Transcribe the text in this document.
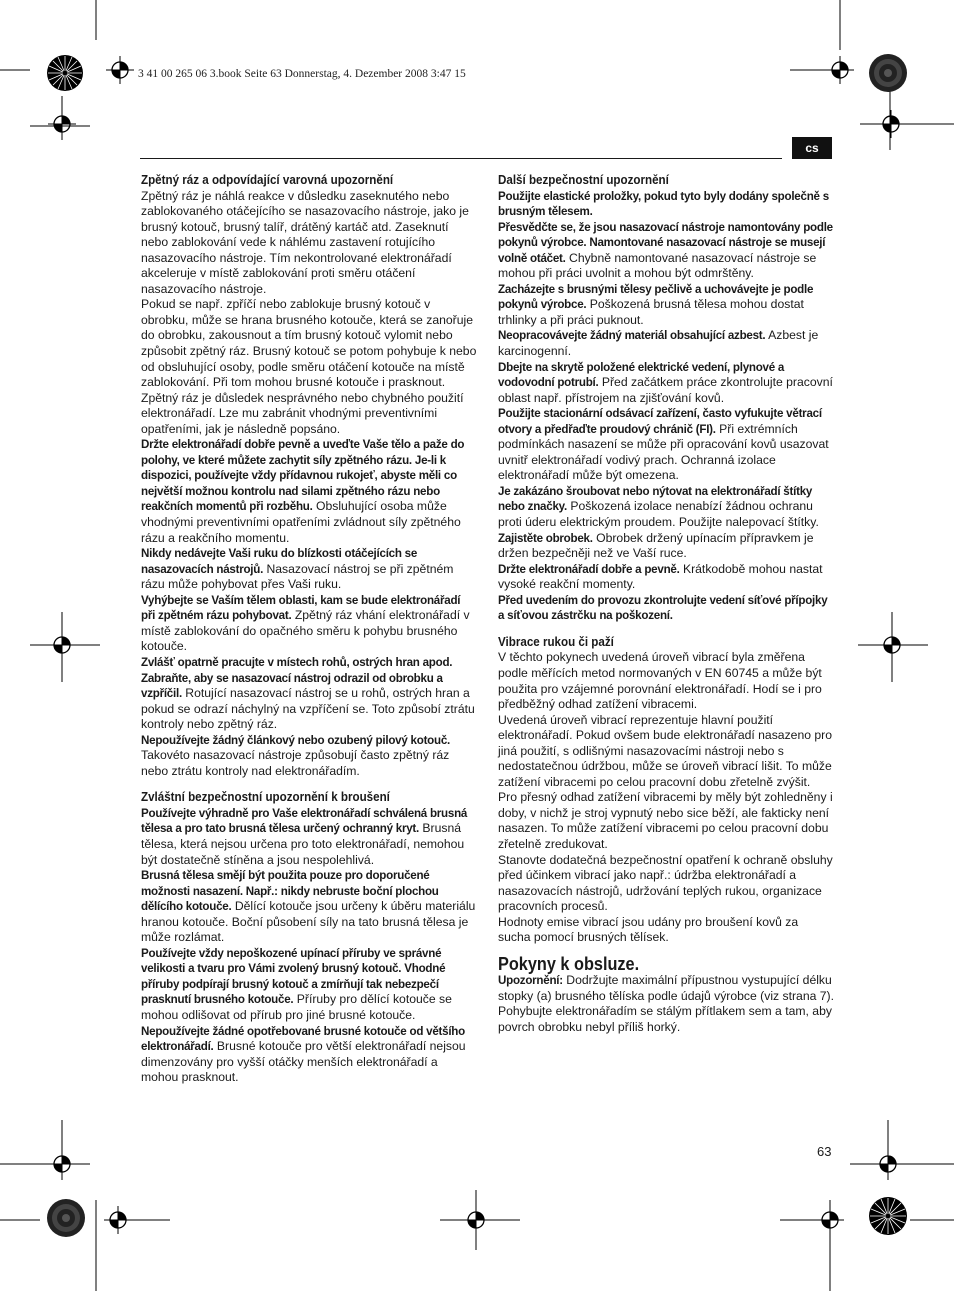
3 41 00 265 06 3.book Seite 63 Donnerstag, 4. Dezember 2008 3:47 15
cs
Zpětný ráz a odpovídající varovná upozornění

Zpětný ráz je náhlá reakce v důsledku zaseknutého nebo zablokovaného otáčejícího se nasazovacího nástroje, jako je brusný kotouč, brusný talíř, drátěný kartáč atd. Zaseknutí nebo zablokování vede k náhlému zastavení rotujícího nasazovacího nástroje. Tím nekontrolované elektronářadí akceleruje v místě zablokování proti směru otáčení nasazovacího nástroje.

Pokud se např. zpříčí nebo zablokuje brusný kotouč v obrobku, může se hrana brusného kotouče, která se zanořuje do obrobku, zakousnout a tím brusný kotouč vylomit nebo způsobit zpětný ráz. Brusný kotouč se potom pohybuje k nebo od obsluhující osoby, podle směru otáčení kotouče na místě zablokování. Při tom mohou brusné kotouče i prasknout.

Zpětný ráz je důsledek nesprávného nebo chybného použití elektronářadí. Lze mu zabránit vhodnými preventivními opatřeními, jak je následně popsáno.

Držte elektronářadí dobře pevně a uveďte Vaše tělo a paže do polohy, ve které můžete zachytit síly zpětného rázu. Je-li k dispozici, používejte vždy přídavnou rukojeť, abyste měli co největší možnou kontrolu nad silami zpětného rázu nebo reakčních momentů při rozběhu. Obsluhující osoba může vhodnými preventivními opatřeními zvládnout síly zpětného rázu a reakčního momentu.

Nikdy nedávejte Vaši ruku do blízkosti otáčejících se nasazovacích nástrojů. Nasazovací nástroj se při zpětném rázu může pohybovat přes Vaši ruku.

Vyhýbejte se Vaším tělem oblasti, kam se bude elektronářadí při zpětném rázu pohybovat. Zpětný ráz vhání elektronářadí v místě zablokování do opačného směru k pohybu brusného kotouče.

Zvlášť opatrně pracujte v místech rohů, ostrých hran apod. Zabraňte, aby se nasazovací nástroj odrazil od obrobku a vzpříčil. Rotující nasazovací nástroj se u rohů, ostrých hran a pokud se odrazí náchylný na vzpříčení se. Toto způsobí ztrátu kontroly nebo zpětný ráz.

Nepoužívejte žádný článkový nebo ozubený pilový kotouč.

Takovéto nasazovací nástroje způsobují často zpětný ráz nebo ztrátu kontroly nad elektronářadím.

Zvláštní bezpečnostní upozornění k broušení

Používejte výhradně pro Vaše elektronářadí schválená brusná tělesa a pro tato brusná tělesa určený ochranný kryt. Brusná tělesa, která nejsou určena pro toto elektronářadí, nemohou být dostatečně stíněna a jsou nespolehlivá.

Brusná tělesa smějí být použita pouze pro doporučené možnosti nasazení. Např.: nikdy nebruste boční plochou dělícího kotouče. Dělící kotouče jsou určeny k úběru materiálu hranou kotouče. Boční působení síly na tato brusná tělesa je může rozlámat.

Používejte vždy nepoškozené upínací příruby ve správné velikosti a tvaru pro Vámi zvolený brusný kotouč. Vhodné příruby podpírají brusný kotouč a zmírňují tak nebezpečí prasknutí brusného kotouče. Příruby pro dělící kotouče se mohou odlišovat od přírub pro jiné brusné kotouče.

Nepoužívejte žádné opotřebované brusné kotouče od většího elektronářadí. Brusné kotouče pro větší elektronářadí nejsou dimenzovány pro vyšší otáčky menších elektronářadí a mohou prasknout.

Další bezpečnostní upozornění

Použijte elastické proložky, pokud tyto byly dodány společně s brusným tělesem.

Přesvědčte se, že jsou nasazovací nástroje namontovány podle pokynů výrobce. Namontované nasazovací nástroje se musejí volně otáčet. Chybně namontované nasazovací nástroje se mohou při práci uvolnit a mohou být odmrštěny.

Zacházejte s brusnými tělesy pečlivě a uchovávejte je podle pokynů výrobce. Poškozená brusná tělesa mohou dostat trhlinky a při práci puknout.

Neopracovávejte žádný materiál obsahující azbest. Azbest je karcinogenní.

Dbejte na skrytě položené elektrické vedení, plynové a vodovodní potrubí. Před začátkem práce zkontrolujte pracovní oblast např. přístrojem na zjišťování kovů.

Použijte stacionární odsávací zařízení, často vyfukujte větrací otvory a předřaďte proudový chránič (FI). Při extrémních podmínkách nasazení se může při opracování kovů usazovat uvnitř elektronářadí vodivý prach. Ochranná izolace elektronářadí může být omezena.

Je zakázáno šroubovat nebo nýtovat na elektronářadí štítky nebo značky. Poškozená izolace nenabízí žádnou ochranu proti úderu elektrickým proudem. Použijte nalepovací štítky.

Zajistěte obrobek. Obrobek držený upínacím přípravkem je držen bezpečněji než ve Vaší ruce.

Držte elektronářadí dobře a pevně. Krátkodobě mohou nastat vysoké reakční momenty.

Před uvedením do provozu zkontrolujte vedení síťové přípojky a síťovou zástrčku na poškození.

Vibrace rukou či paží

V těchto pokynech uvedená úroveň vibrací byla změřena podle měřících metod normovaných v EN 60745 a může být použita pro vzájemné porovnání elektronářadí. Hodí se i pro předběžný odhad zatížení vibracemi.

Uvedená úroveň vibrací reprezentuje hlavní použití elektronářadí. Pokud ovšem bude elektronářadí nasazeno pro jiná použití, s odlišnými nasazovacími nástroji nebo s nedostatečnou údržbou, může se úroveň vibrací lišit. To může zatížení vibracemi po celou pracovní dobu zřetelně zvýšit.

Pro přesný odhad zatížení vibracemi by měly být zohledněny i doby, v nichž je stroj vypnutý nebo sice běží, ale fakticky není nasazen. To může zatížení vibracemi po celou pracovní dobu zřetelně zredukovat.

Stanovte dodatečná bezpečnostní opatření k ochraně obsluhy před účinkem vibrací jako např.: údržba elektronářadí a nasazovacích nástrojů, udržování teplých rukou, organizace pracovních procesů.

Hodnoty emise vibrací jsou udány pro broušení kovů za sucha pomocí brusných tělísek.

Pokyny k obsluze.

Upozornění: Dodržujte maximální přípustnou vystupující délku stopky (a) brusného tělíska podle údajů výrobce (viz strana 7).

Pohybujte elektronářadím se stálým přítlakem sem a tam, aby povrch obrobku nebyl příliš horký.

63
